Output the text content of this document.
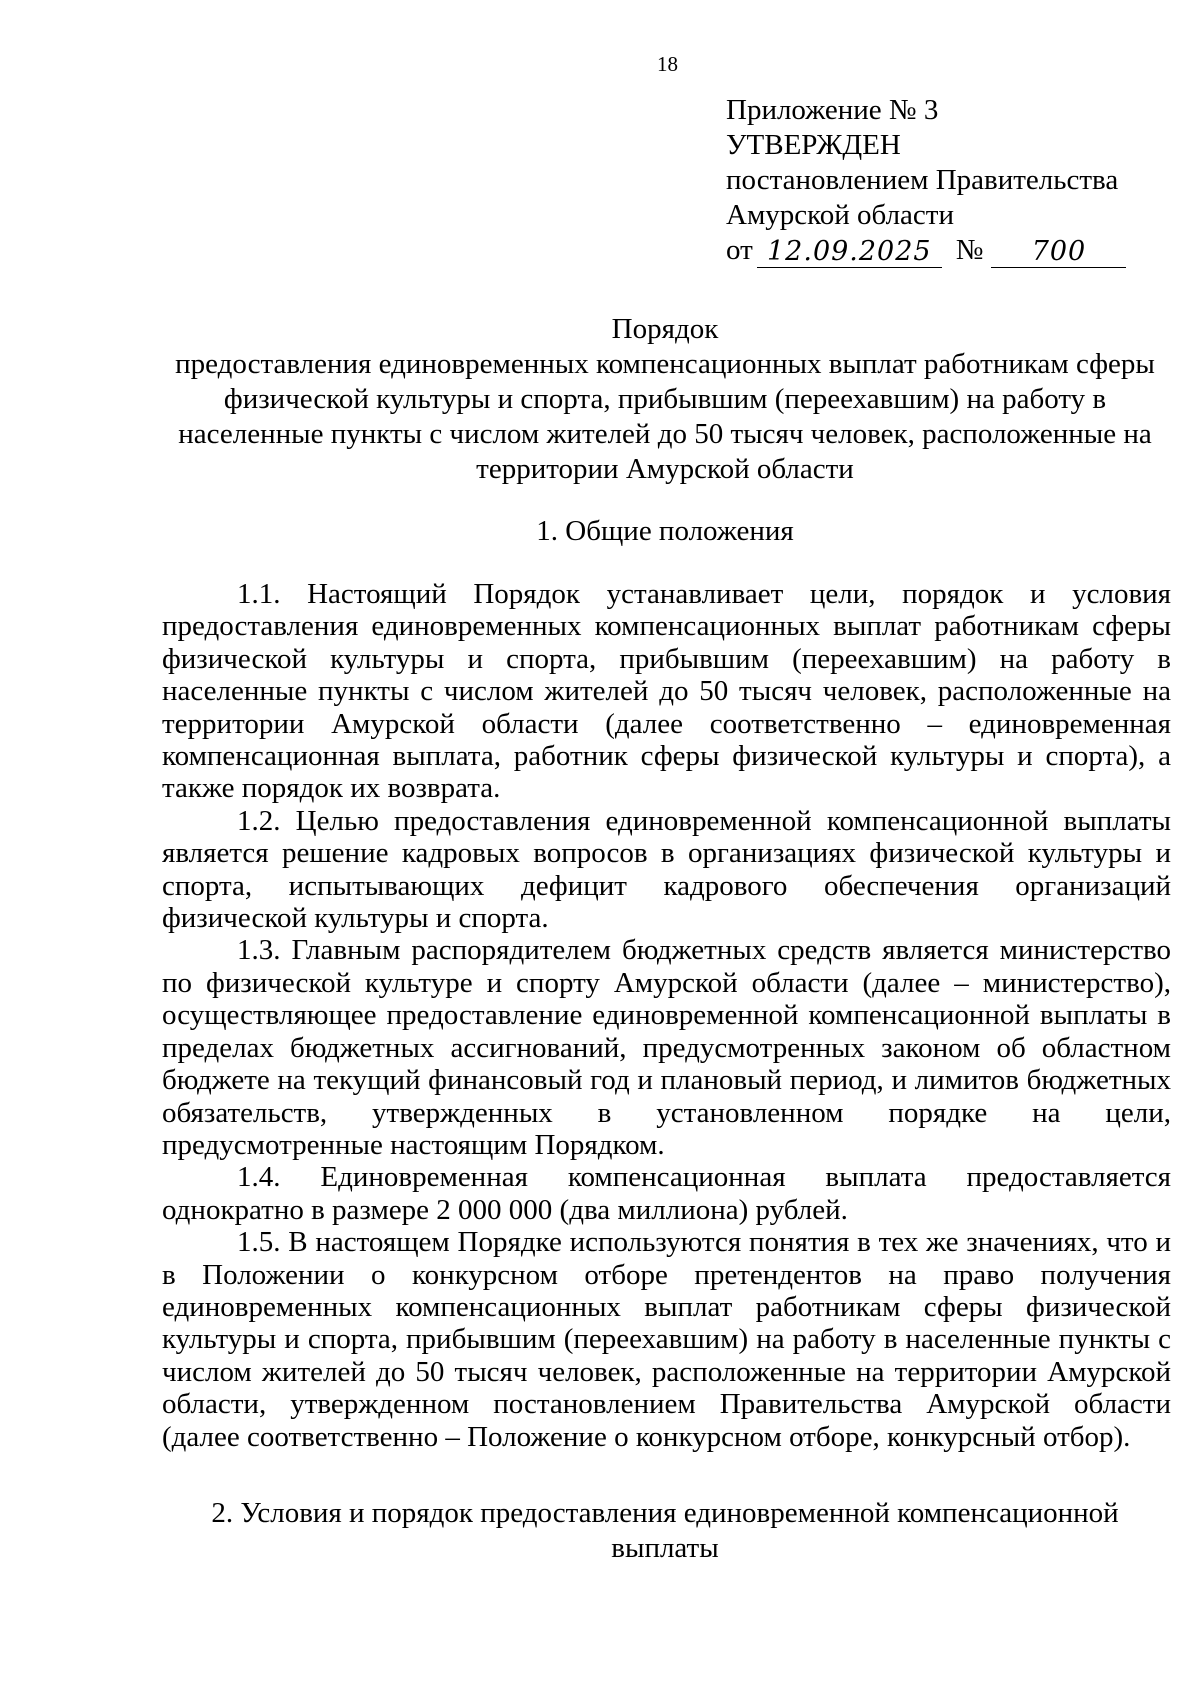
18
Приложение № 3
УТВЕРЖДЕН
постановлением Правительства
Амурской области
от 12.09.2025 №	700
Порядок
предоставления единовременных компенсационных выплат работникам сферы физической культуры и спорта, прибывшим (переехавшим) на работу в населенные пункты с числом жителей до 50 тысяч человек, расположенные на территории Амурской области
1. Общие положения

1.1. Настоящий Порядок устанавливает цели, порядок и условия предоставления единовременных компенсационных выплат работникам сферы физической культуры и спорта, прибывшим (переехавшим) на работу в населенные пункты с числом жителей до 50 тысяч человек, расположенные на территории Амурской области (далее соответственно – единовременная компенсационная выплата, работник сферы физической культуры и спорта), а также порядок их возврата.

1.2. Целью предоставления единовременной компенсационной выплаты является решение кадровых вопросов в организациях физической культуры и спорта, испытывающих дефицит кадрового обеспечения организаций физической культуры и спорта.

1.3. Главным распорядителем бюджетных средств является министерство по физической культуре и спорту Амурской области (далее – министерство), осуществляющее предоставление единовременной компенсационной выплаты в пределах бюджетных ассигнований, предусмотренных законом об областном бюджете на текущий финансовый год и плановый период, и лимитов бюджетных обязательств, утвержденных в установленном порядке на цели, предусмотренные настоящим Порядком.

1.4. Единовременная компенсационная выплата предоставляется однократно в размере 2 000 000 (два миллиона) рублей.

1.5. В настоящем Порядке используются понятия в тех же значениях, что и в Положении о конкурсном отборе претендентов на право получения единовременных компенсационных выплат работникам сферы физической культуры и спорта, прибывшим (переехавшим) на работу в населенные пункты с числом жителей до 50 тысяч человек, расположенные на территории Амурской области, утвержденном постановлением Правительства Амурской области (далее соответственно – Положение о конкурсном отборе, конкурсный отбор).

2. Условия и порядок предоставления единовременной компенсационной выплаты
